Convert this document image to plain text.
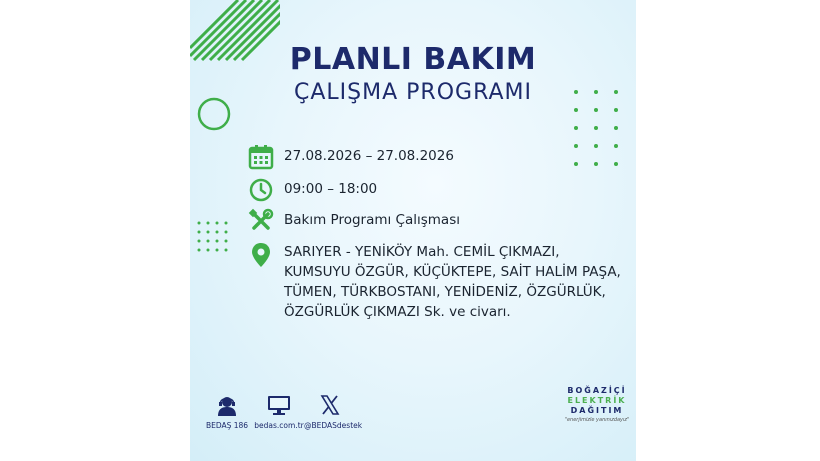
PLANLI BAKIM
ÇALIŞMA PROGRAMI
27.08.2026 – 27.08.2026
09:00 – 18:00
Bakım Programı Çalışması
SARIYER - YENİKÖY Mah. CEMİL ÇIKMAZI, KUMSUYU ÖZGÜR, KÜÇÜKTEPE, SAİT HALİM PAŞA, TÜMEN, TÜRKBOSTANI, YENİDENİZ, ÖZGÜRLÜK, ÖZGÜRLÜK ÇIKMAZI Sk. ve civarı.
BEDAŞ 186 bedas.com.tr @BEDASdestek
BOĞAZİÇİ
ELEKTRİK
DAĞITIM
"enerjimizle yanınızdayız"
